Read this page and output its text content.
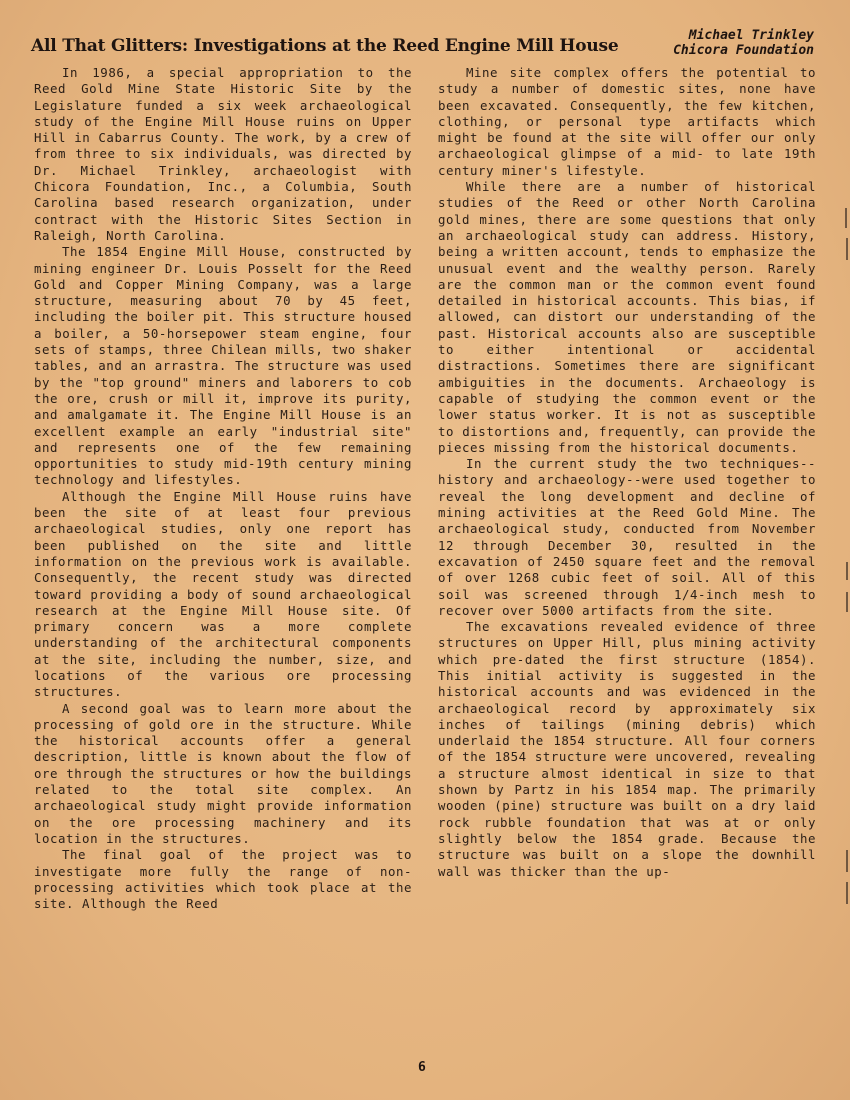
All That Glitters: Investigations at the Reed Engine Mill House
Michael Trinkley
Chicora Foundation

In 1986, a special appropriation to the Reed Gold Mine State Historic Site by the Legislature funded a six week archaeological study of the Engine Mill House ruins on Upper Hill in Cabarrus County. The work, by a crew of from three to six individuals, was directed by Dr. Michael Trinkley, archaeologist with Chicora Foundation, Inc., a Columbia, South Carolina based research organization, under contract with the Historic Sites Section in Raleigh, North Carolina.

The 1854 Engine Mill House, constructed by mining engineer Dr. Louis Posselt for the Reed Gold and Copper Mining Company, was a large structure, measuring about 70 by 45 feet, including the boiler pit. This structure housed a boiler, a 50-horsepower steam engine, four sets of stamps, three Chilean mills, two shaker tables, and an arrastra. The structure was used by the "top ground" miners and laborers to cob the ore, crush or mill it, improve its purity, and amalgamate it. The Engine Mill House is an excellent example an early "industrial site" and represents one of the few remaining opportunities to study mid-19th century mining technology and lifestyles.

Although the Engine Mill House ruins have been the site of at least four previous archaeological studies, only one report has been published on the site and little information on the previous work is available. Consequently, the recent study was directed toward providing a body of sound archaeological research at the Engine Mill House site. Of primary concern was a more complete understanding of the architectural components at the site, including the number, size, and locations of the various ore processing structures.

A second goal was to learn more about the processing of gold ore in the structure. While the historical accounts offer a general description, little is known about the flow of ore through the structures or how the buildings related to the total site complex. An archaeological study might provide information on the ore processing machinery and its location in the structures.

The final goal of the project was to investigate more fully the range of non-processing activities which took place at the site. Although the Reed

Mine site complex offers the potential to study a number of domestic sites, none have been excavated. Consequently, the few kitchen, clothing, or personal type artifacts which might be found at the site will offer our only archaeological glimpse of a mid- to late 19th century miner's lifestyle.

While there are a number of historical studies of the Reed or other North Carolina gold mines, there are some questions that only an archaeological study can address. History, being a written account, tends to emphasize the unusual event and the wealthy person. Rarely are the common man or the common event found detailed in historical accounts. This bias, if allowed, can distort our understanding of the past. Historical accounts also are susceptible to either intentional or accidental distractions. Sometimes there are significant ambiguities in the documents. Archaeology is capable of studying the common event or the lower status worker. It is not as susceptible to distortions and, frequently, can provide the pieces missing from the historical documents.

In the current study the two techniques--history and archaeology--were used together to reveal the long development and decline of mining activities at the Reed Gold Mine. The archaeological study, conducted from November 12 through December 30, resulted in the excavation of 2450 square feet and the removal of over 1268 cubic feet of soil. All of this soil was screened through 1/4-inch mesh to recover over 5000 artifacts from the site.

The excavations revealed evidence of three structures on Upper Hill, plus mining activity which pre-dated the first structure (1854). This initial activity is suggested in the historical accounts and was evidenced in the archaeological record by approximately six inches of tailings (mining debris) which underlaid the 1854 structure. All four corners of the 1854 structure were uncovered, revealing a structure almost identical in size to that shown by Partz in his 1854 map. The primarily wooden (pine) structure was built on a dry laid rock rubble foundation that was at or only slightly below the 1854 grade. Because the structure was built on a slope the downhill wall was thicker than the up-

6
